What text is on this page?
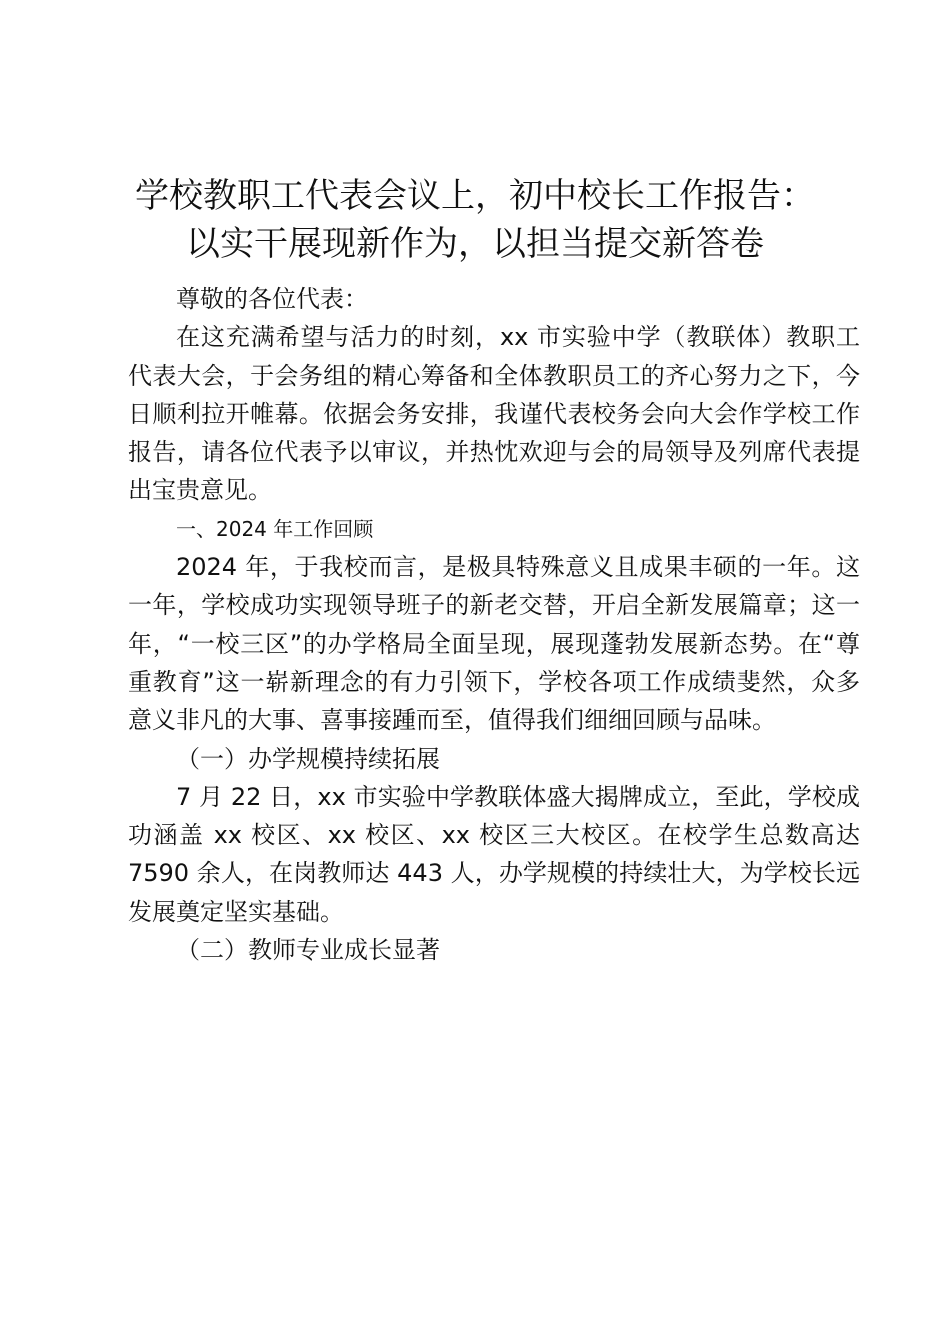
学校教职工代表会议上，初中校长工作报告：
以实干展现新作为，以担当提交新答卷

尊敬的各位代表：

在这充满希望与活力的时刻，xx 市实验中学（教联体）教职工代表大会，于会务组的精心筹备和全体教职员工的齐心努力之下，今日顺利拉开帷幕。依据会务安排，我谨代表校务会向大会作学校工作报告，请各位代表予以审议，并热忱欢迎与会的局领导及列席代表提出宝贵意见。

一、2024 年工作回顾

2024 年，于我校而言，是极具特殊意义且成果丰硕的一年。这一年，学校成功实现领导班子的新老交替，开启全新发展篇章；这一年，“一校三区”的办学格局全面呈现，展现蓬勃发展新态势。在“尊重教育”这一崭新理念的有力引领下，学校各项工作成绩斐然，众多意义非凡的大事、喜事接踵而至，值得我们细细回顾与品味。

（一）办学规模持续拓展

7 月 22 日，xx 市实验中学教联体盛大揭牌成立，至此，学校成功涵盖 xx 校区、xx 校区、xx 校区三大校区。在校学生总数高达 7590 余人，在岗教师达 443 人，办学规模的持续壮大，为学校长远发展奠定坚实基础。

（二）教师专业成长显著
